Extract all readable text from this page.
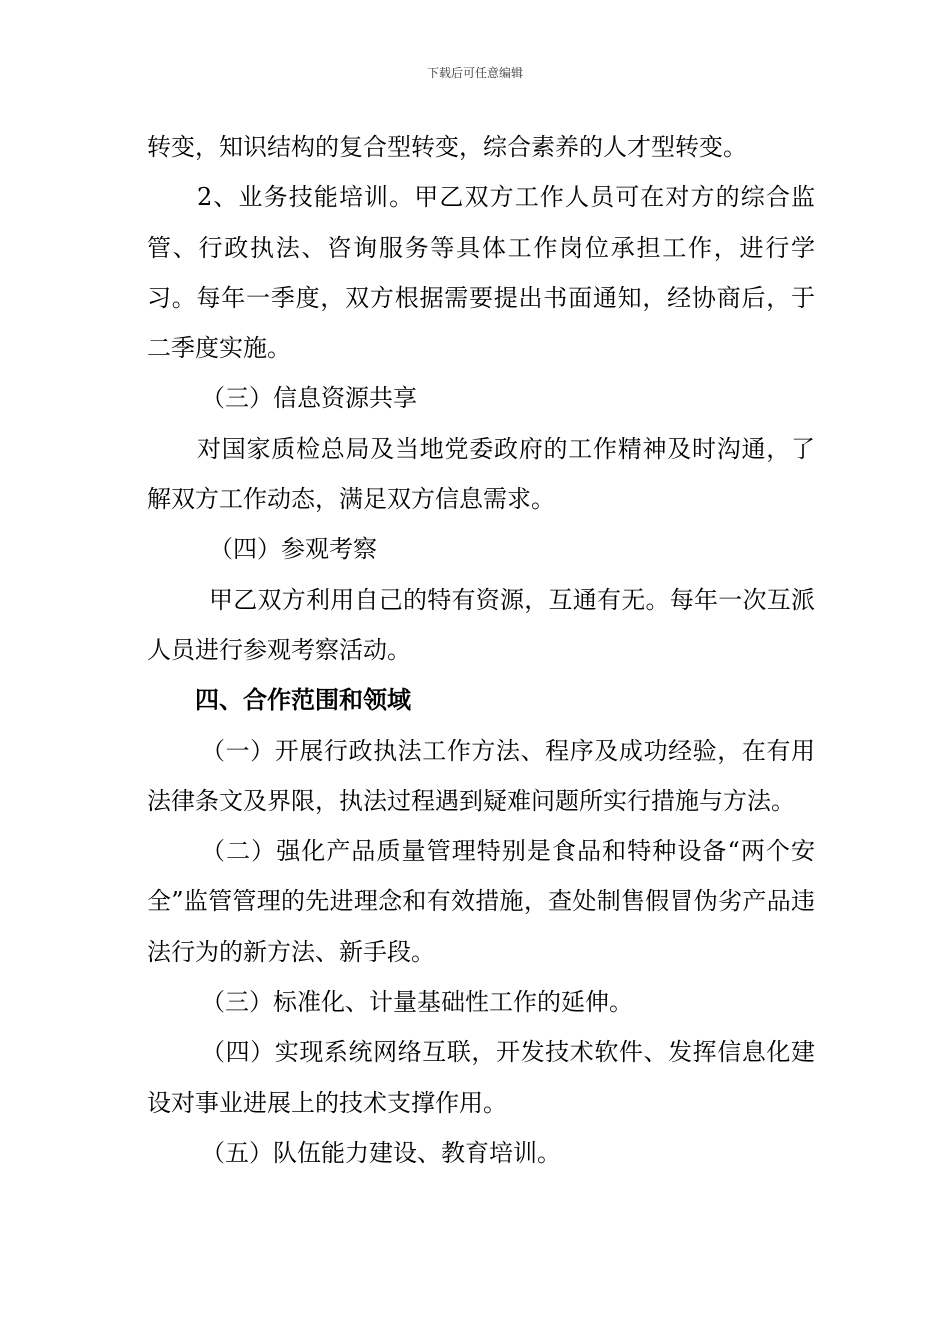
下载后可任意编辑

转变，知识结构的复合型转变，综合素养的人才型转变。

2、业务技能培训。甲乙双方工作人员可在对方的综合监管、行政执法、咨询服务等具体工作岗位承担工作，进行学习。每年一季度，双方根据需要提出书面通知，经协商后，于二季度实施。

（三）信息资源共享

对国家质检总局及当地党委政府的工作精神及时沟通，了解双方工作动态，满足双方信息需求。

（四）参观考察

甲乙双方利用自己的特有资源，互通有无。每年一次互派人员进行参观考察活动。

四、合作范围和领域

（一）开展行政执法工作方法、程序及成功经验，在有用法律条文及界限，执法过程遇到疑难问题所实行措施与方法。

（二）强化产品质量管理特别是食品和特种设备“两个安全”监管管理的先进理念和有效措施，查处制售假冒伪劣产品违法行为的新方法、新手段。

（三）标准化、计量基础性工作的延伸。

（四）实现系统网络互联，开发技术软件、发挥信息化建设对事业进展上的技术支撑作用。

（五）队伍能力建设、教育培训。
